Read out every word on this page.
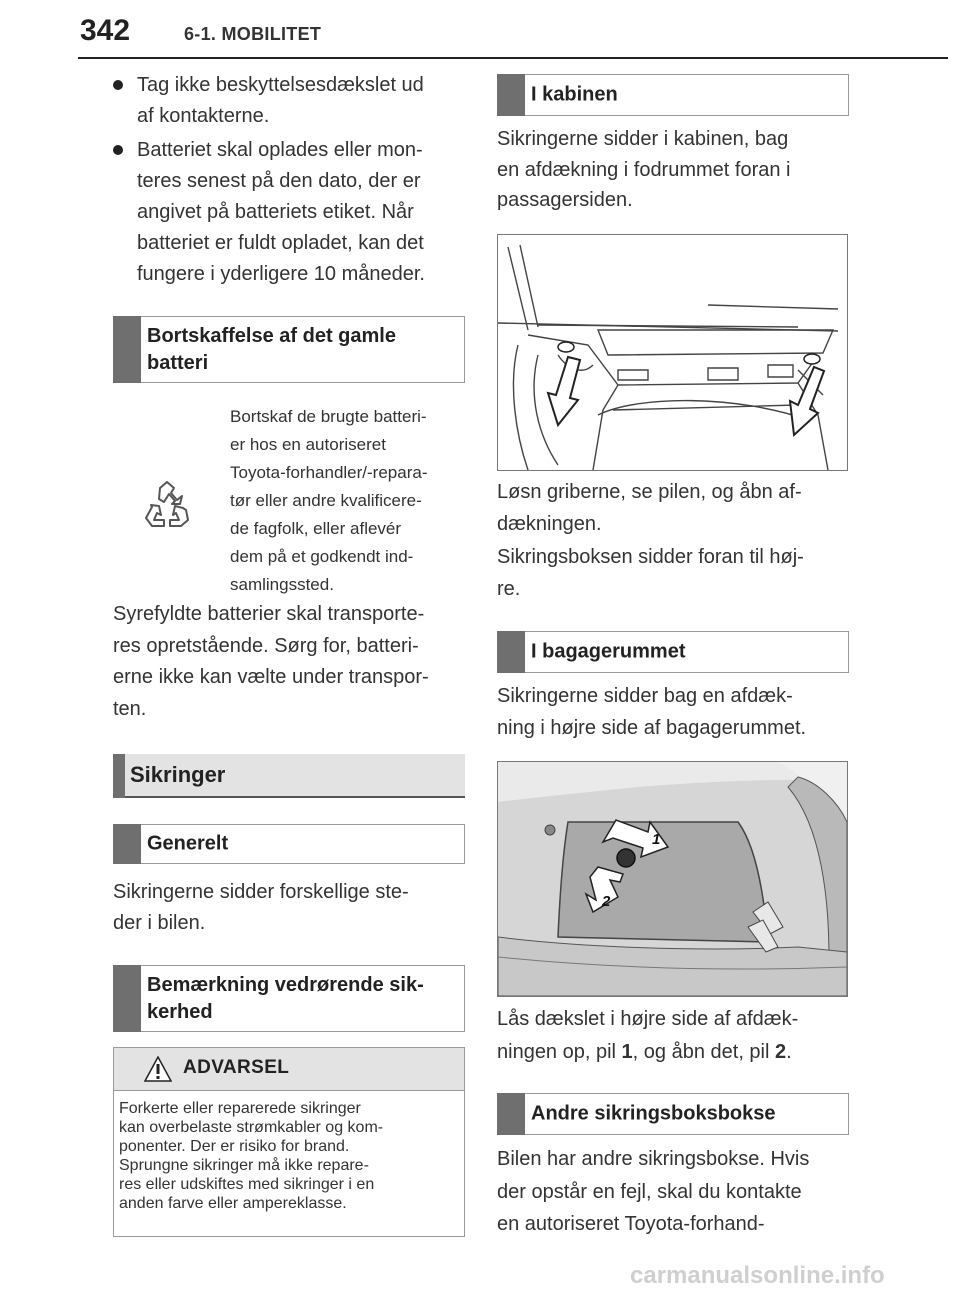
342	6-1. MOBILITET
Tag ikke beskyttelsesdækslet ud
af kontakterne.
Batteriet skal oplades eller mon-
teres senest på den dato, der er
angivet på batteriets etiket. Når
batteriet er fuldt opladet, kan det
fungere i yderligere 10 måneder.
Bortskaffelse af det gamle
batteri
Bortskaf de brugte batteri-
er hos en autoriseret
Toyota-forhandler/-repara-
tør eller andre kvalificere-
de fagfolk, eller aflevér
dem på et godkendt ind-
samlingssted.
Syrefyldte batterier skal transporte-
res opretstående. Sørg for, batteri-
erne ikke kan vælte under transpor-
ten.
Sikringer
Generelt
Sikringerne sidder forskellige ste-
der i bilen.
Bemærkning vedrørende sik-
kerhed
ADVARSEL
Forkerte eller reparerede sikringer
kan overbelaste strømkabler og kom-
ponenter. Der er risiko for brand.
Sprungne sikringer må ikke repare-
res eller udskiftes med sikringer i en
anden farve eller ampereklasse.
I kabinen
Sikringerne sidder i kabinen, bag
en afdækning i fodrummet foran i
passagersiden.
Løsn griberne, se pilen, og åbn af-
dækningen.
Sikringsboksen sidder foran til høj-
re.
I bagagerummet
Sikringerne sidder bag en afdæk-
ning i højre side af bagagerummet.
1
2
Lås dækslet i højre side af afdæk-
ningen op, pil 1, og åbn det, pil 2.
Andre sikringsboksbokse
Bilen har andre sikringsbokse. Hvis
der opstår en fejl, skal du kontakte
en autoriseret Toyota-forhand-
carmanualsonline.info
